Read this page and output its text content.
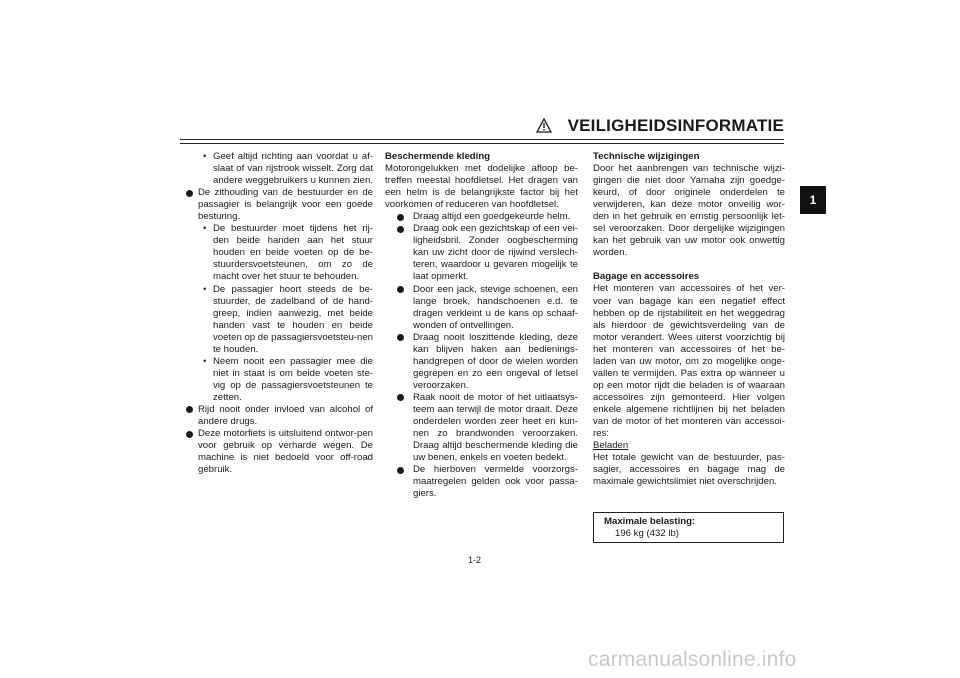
VEILIGHEIDSINFORMATIE
1

• Geef altijd richting aan voordat u af-slaat of van rijstrook wisselt. Zorg dat andere weggebruikers u kunnen zien.

De zithouding van de bestuurder en de passagier is belangrijk voor een goede besturing.

• De bestuurder moet tijdens het rij-den beide handen aan het stuur houden en beide voeten op de be-stuurdersvoetsteunen, om zo de macht over het stuur te behouden.

• De passagier hoort steeds de be-stuurder, de zadelband of de hand-greep, indien aanwezig, met beide handen vast te houden en beide voeten op de passagiersvoetsteu-nen te houden.

• Neem nooit een passagier mee die niet in staat is om beide voeten ste-vig op de passagiersvoetsteunen te zetten.

Rijd nooit onder invloed van alcohol of andere drugs.

Deze motorfiets is uitsluitend ontwor-pen voor gebruik op verharde wegen. De machine is niet bedoeld voor off-road gebruik.

Beschermende kleding

Motorongelukken met dodelijke afloop be-treffen meestal hoofdletsel. Het dragen van een helm is de belangrijkste factor bij het voorkomen of reduceren van hoofdletsel.

Draag altijd een goedgekeurde helm.

Draag ook een gezichtskap of een vei-ligheidsbril. Zonder oogbescherming kan uw zicht door de rijwind verslech-teren, waardoor u gevaren mogelijk te laat opmerkt.

Door een jack, stevige schoenen, een lange broek, handschoenen e.d. te dragen verkleint u de kans op schaaf-wonden of ontvellingen.

Draag nooit loszittende kleding, deze kan blijven haken aan bedienings-handgrepen of door de wielen worden gegrepen en zo een ongeval of letsel veroorzaken.

Raak nooit de motor of het uitlaatsys-teem aan terwijl de motor draait. Deze onderdelen worden zeer heet en kun-nen zo brandwonden veroorzaken. Draag altijd beschermende kleding die uw benen, enkels en voeten bedekt.

De hierboven vermelde voorzorgs-maatregelen gelden ook voor passa-giers.

Technische wijzigingen

Door het aanbrengen van technische wijzi-gingen die niet door Yamaha zijn goedge-keurd, of door originele onderdelen te verwijderen, kan deze motor onveilig wor-den in het gebruik en ernstig persoonlijk let-sel veroorzaken. Door dergelijke wijzigingen kan het gebruik van uw motor ook onwettig worden.

Bagage en accessoires

Het monteren van accessoires of het ver-voer van bagage kan een negatief effect hebben op de rijstabiliteit en het weggedrag als hierdoor de gewichtsverdeling van de motor verandert. Wees uiterst voorzichtig bij het monteren van accessoires of het be-laden van uw motor, om zo mogelijke onge-vallen te vermijden. Pas extra op wanneer u op een motor rijdt die beladen is of waaraan accessoires zijn gemonteerd. Hier volgen enkele algemene richtlijnen bij het beladen van de motor of het monteren van accessoi-res:

Beladen

Het totale gewicht van de bestuurder, pas-sagier, accessoires en bagage mag de maximale gewichtslimiet niet overschrijden.

Maximale belasting:
196 kg (432 lb)
1-2
carmanualsonline.info
